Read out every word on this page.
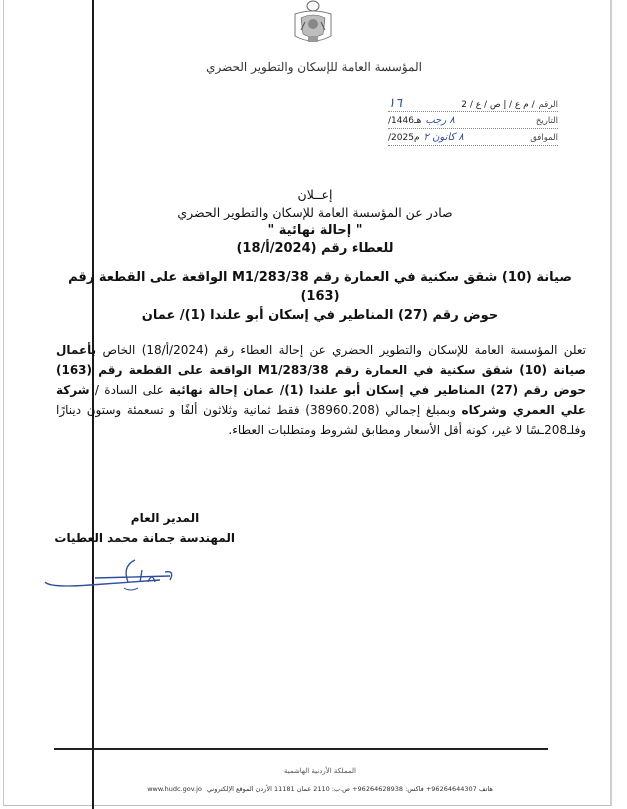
المؤسسة العامة للإسكان والتطوير الحضري
الرقم
م ع / إ ص / ع / 2 /
١٦
التاريخ
٨ رجب
/1446هـ
الموافق
٨ كانون ٢
/2025م
إعــلان
صادر عن المؤسسة العامة للإسكان والتطوير الحضري
" إحالة نهائية "
للعطاء رقم (2024/أ/18)
صيانة (10) شقق سكنية في العمارة رقم M1/283/38 الواقعة على القطعة رقم (163)
حوض رقم (27) المناطير في إسكان أبو علندا (1)/ عمان
تعلن المؤسسة العامة للإسكان والتطوير الحضري عن إحالة العطاء رقم (2024/أ/18) الخاص بأعمال صيانة (10) شقق سكنية في العمارة رقم M1/283/38 الواقعة على القطعة رقم (163) حوض رقم (27) المناطير في إسكان أبو علندا (1)/ عمان إحالة نهائية على السادة / شركة علي العمري وشركاه وبمبلغ إجمالي (38960.208) فقط ثمانية وثلاثون ألفًا و تسعمئة وستون دينارًا وفلـ208ـسًا لا غير، كونه أقل الأسعار ومطابق لشروط ومتطلبات العطاء.
المدير العام
المهندسة جمانة محمد العطيات
المملكة الأردنية الهاشمية
هاتف 96264644307+ فاكس: 96264628938+ ص.ب: 2110 عمان 11181 الأردن الموقع الإلكتروني www.hudc.gov.jo
